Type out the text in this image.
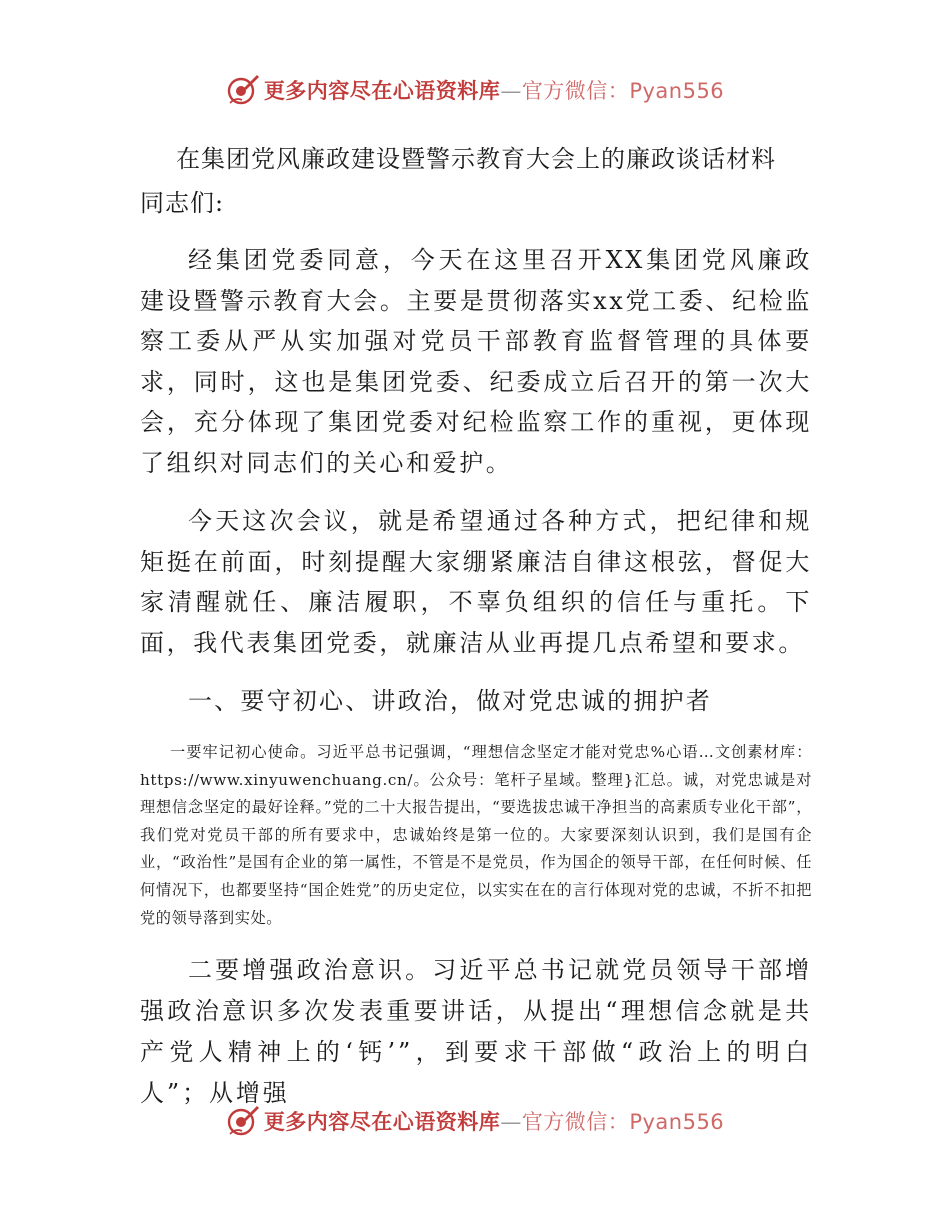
更多内容尽在心语资料库—官方微信：Pyan556

在集团党风廉政建设暨警示教育大会上的廉政谈话材料

同志们:

经集团党委同意，今天在这里召开XX集团党风廉政建设暨警示教育大会。主要是贯彻落实xx党工委、纪检监察工委从严从实加强对党员干部教育监督管理的具体要求，同时，这也是集团党委、纪委成立后召开的第一次大会，充分体现了集团党委对纪检监察工作的重视，更体现了组织对同志们的关心和爱护。

今天这次会议，就是希望通过各种方式，把纪律和规矩挺在前面，时刻提醒大家绷紧廉洁自律这根弦，督促大家清醒就任、廉洁履职，不辜负组织的信任与重托。下面，我代表集团党委，就廉洁从业再提几点希望和要求。

一、要守初心、讲政治，做对党忠诚的拥护者

一要牢记初心使命。习近平总书记强调，“理想信念坚定才能对党忠%心语…文创素材库：https://www.xinyuwenchuang.cn/。公众号：笔杆子星域。整理}汇总。诚，对党忠诚是对理想信念坚定的最好诠释。”党的二十大报告提出，“要选拔忠诚干净担当的高素质专业化干部”，我们党对党员干部的所有要求中，忠诚始终是第一位的。大家要深刻认识到，我们是国有企业，“政治性”是国有企业的第一属性，不管是不是党员，作为国企的领导干部，在任何时候、任何情况下，也都要坚持“国企姓党”的历史定位，以实实在在的言行体现对党的忠诚，不折不扣把党的领导落到实处。

二要增强政治意识。习近平总书记就党员领导干部增强政治意识多次发表重要讲话，从提出“理想信念就是共产党人精神上的‘钙’”，到要求干部做“政治上的明白人”；从增强

更多内容尽在心语资料库—官方微信：Pyan556
